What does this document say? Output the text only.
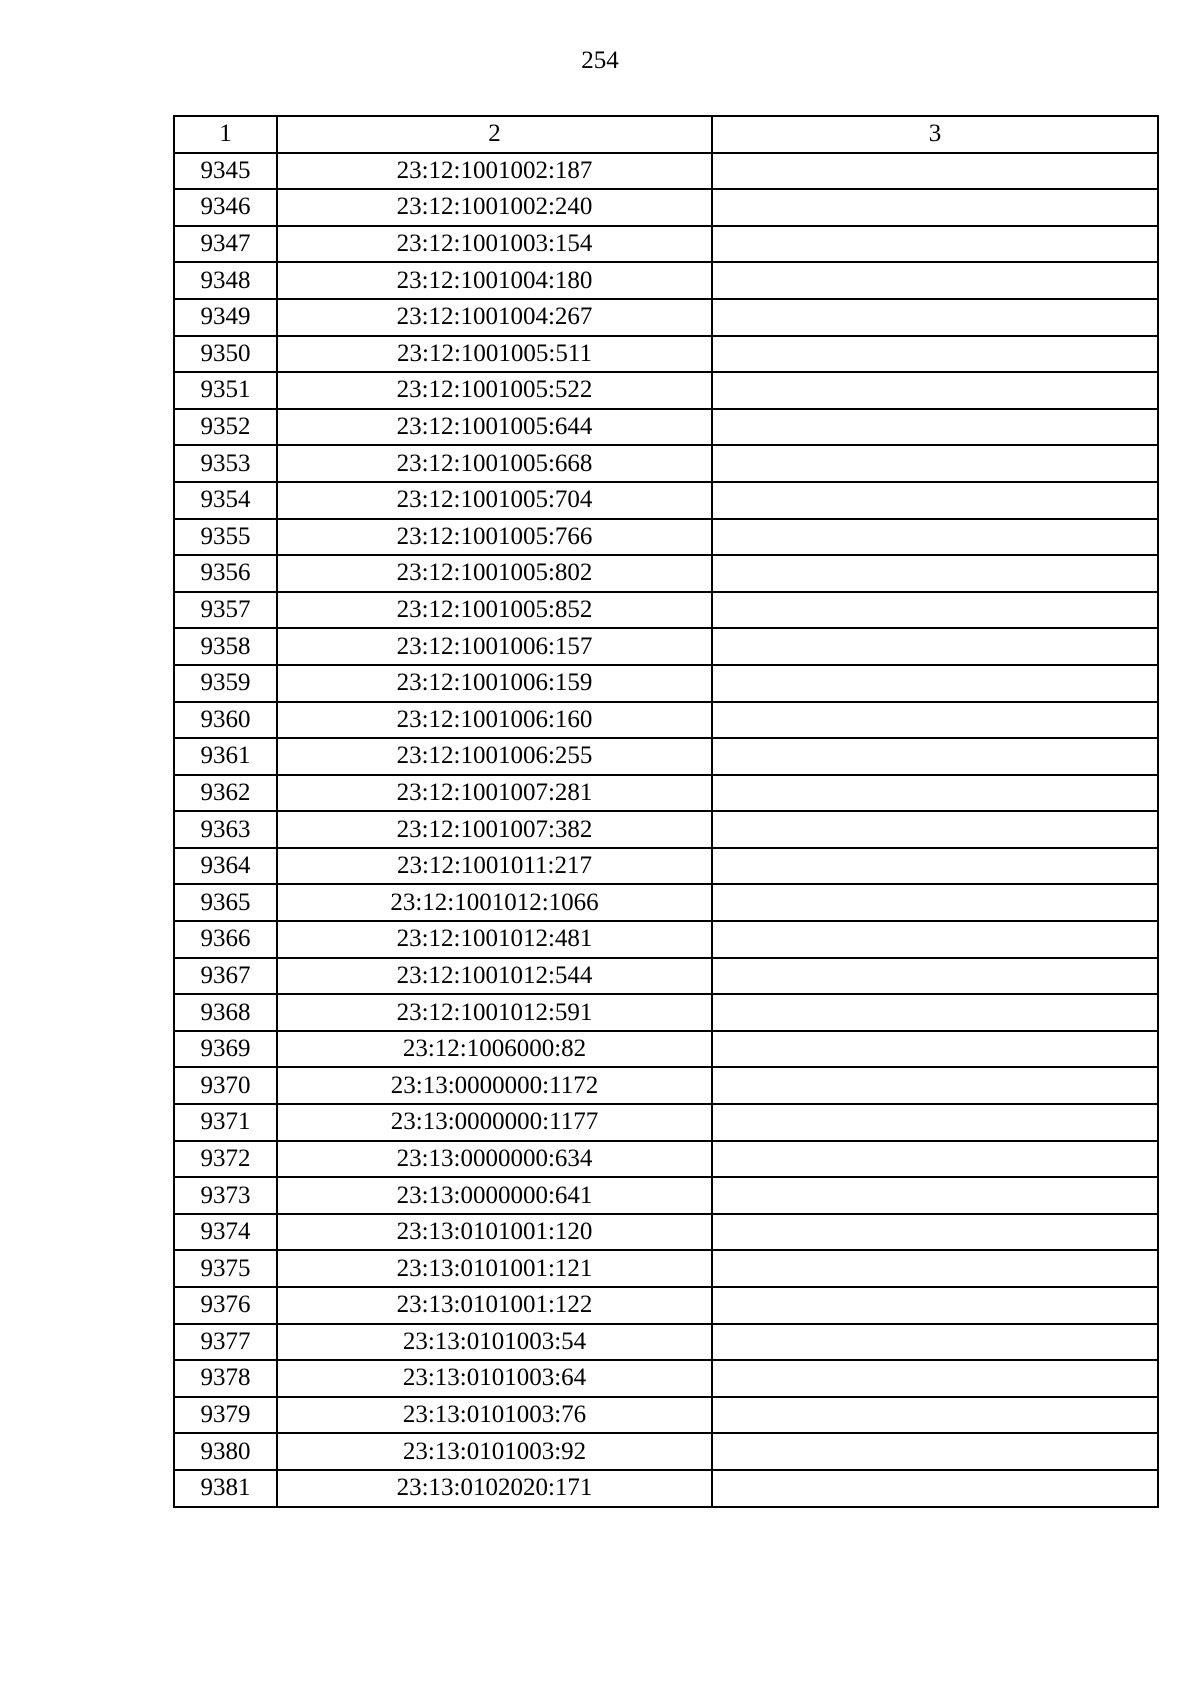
254
1	2	3
9345	23:12:1001002:187	
9346	23:12:1001002:240	
9347	23:12:1001003:154	
9348	23:12:1001004:180	
9349	23:12:1001004:267	
9350	23:12:1001005:511	
9351	23:12:1001005:522	
9352	23:12:1001005:644	
9353	23:12:1001005:668	
9354	23:12:1001005:704	
9355	23:12:1001005:766	
9356	23:12:1001005:802	
9357	23:12:1001005:852	
9358	23:12:1001006:157	
9359	23:12:1001006:159	
9360	23:12:1001006:160	
9361	23:12:1001006:255	
9362	23:12:1001007:281	
9363	23:12:1001007:382	
9364	23:12:1001011:217	
9365	23:12:1001012:1066	
9366	23:12:1001012:481	
9367	23:12:1001012:544	
9368	23:12:1001012:591	
9369	23:12:1006000:82	
9370	23:13:0000000:1172	
9371	23:13:0000000:1177	
9372	23:13:0000000:634	
9373	23:13:0000000:641	
9374	23:13:0101001:120	
9375	23:13:0101001:121	
9376	23:13:0101001:122	
9377	23:13:0101003:54	
9378	23:13:0101003:64	
9379	23:13:0101003:76	
9380	23:13:0101003:92	
9381	23:13:0102020:171	
